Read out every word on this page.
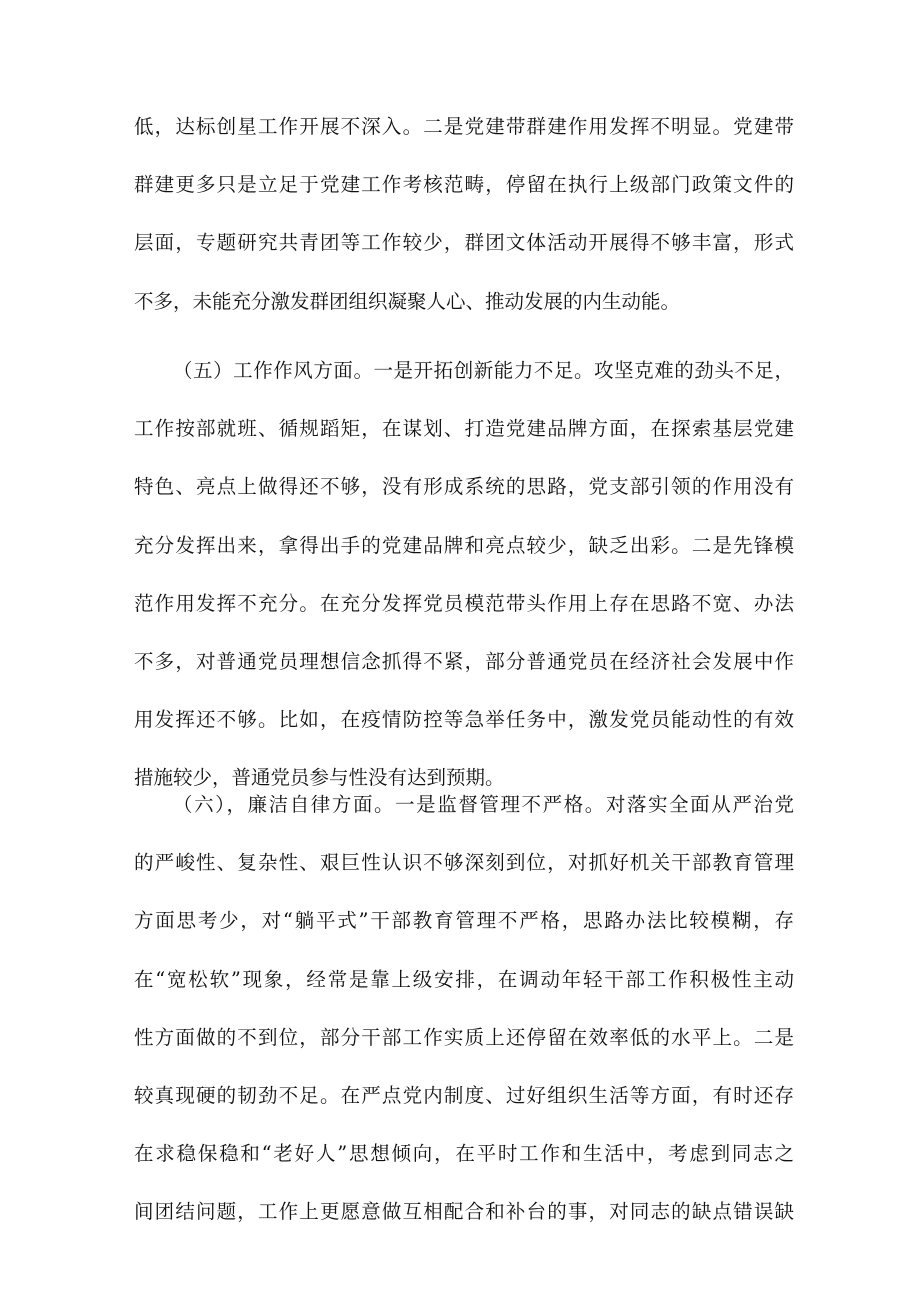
低，达标创星工作开展不深入。二是党建带群建作用发挥不明显。党建带
群建更多只是立足于党建工作考核范畴，停留在执行上级部门政策文件的
层面，专题研究共青团等工作较少，群团文体活动开展得不够丰富，形式
不多，未能充分激发群团组织凝聚人心、推动发展的内生动能。
（五）工作作风方面。一是开拓创新能力不足。攻坚克难的劲头不足，
工作按部就班、循规蹈矩，在谋划、打造党建品牌方面，在探索基层党建
特色、亮点上做得还不够，没有形成系统的思路，党支部引领的作用没有
充分发挥出来，拿得出手的党建品牌和亮点较少，缺乏出彩。二是先锋模
范作用发挥不充分。在充分发挥党员模范带头作用上存在思路不宽、办法
不多，对普通党员理想信念抓得不紧，部分普通党员在经济社会发展中作
用发挥还不够。比如，在疫情防控等急举任务中，激发党员能动性的有效
措施较少，普通党员参与性没有达到预期。
（六），廉洁自律方面。一是监督管理不严格。对落实全面从严治党
的严峻性、复杂性、艰巨性认识不够深刻到位，对抓好机关干部教育管理
方面思考少，对“躺平式”干部教育管理不严格，思路办法比较模糊，存
在“宽松软”现象，经常是靠上级安排，在调动年轻干部工作积极性主动
性方面做的不到位，部分干部工作实质上还停留在效率低的水平上。二是
较真现硬的韧劲不足。在严点党内制度、过好组织生活等方面，有时还存
在求稳保稳和“老好人”思想倾向，在平时工作和生活中，考虑到同志之
间团结问题，工作上更愿意做互相配合和补台的事，对同志的缺点错误缺
